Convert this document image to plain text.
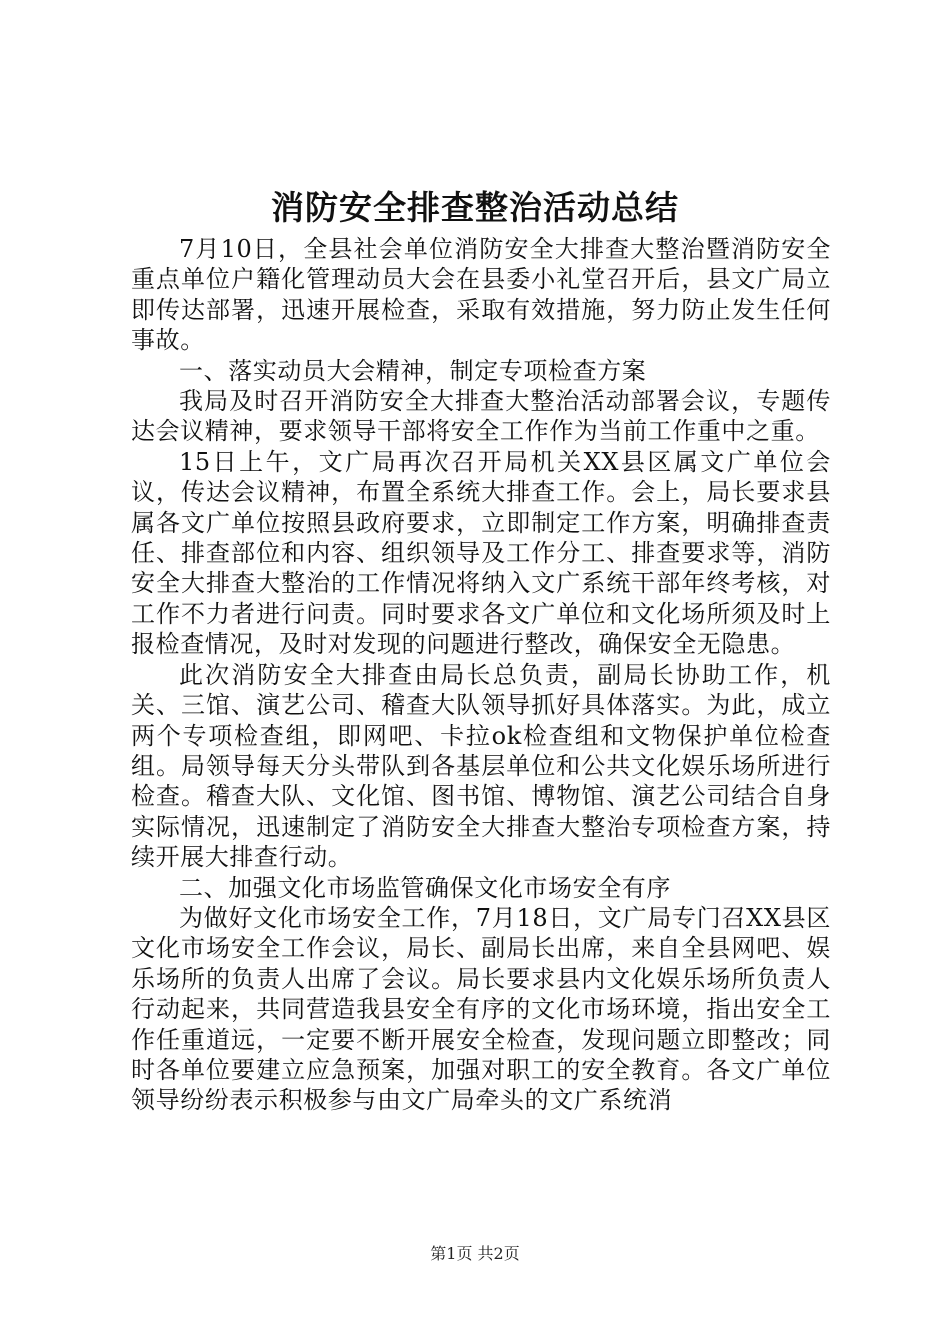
消防安全排查整治活动总结

7月10日，全县社会单位消防安全大排查大整治暨消防安全重点单位户籍化管理动员大会在县委小礼堂召开后，县文广局立即传达部署，迅速开展检查，采取有效措施，努力防止发生任何事故。

一、落实动员大会精神，制定专项检查方案

我局及时召开消防安全大排查大整治活动部署会议，专题传达会议精神，要求领导干部将安全工作作为当前工作重中之重。

15日上午，文广局再次召开局机关XX县区属文广单位会议，传达会议精神，布置全系统大排查工作。会上，局长要求县属各文广单位按照县政府要求，立即制定工作方案，明确排查责任、排查部位和内容、组织领导及工作分工、排查要求等，消防安全大排查大整治的工作情况将纳入文广系统干部年终考核，对工作不力者进行问责。同时要求各文广单位和文化场所须及时上报检查情况，及时对发现的问题进行整改，确保安全无隐患。

此次消防安全大排查由局长总负责，副局长协助工作，机关、三馆、演艺公司、稽查大队领导抓好具体落实。为此，成立两个专项检查组，即网吧、卡拉ok检查组和文物保护单位检查组。局领导每天分头带队到各基层单位和公共文化娱乐场所进行检查。稽查大队、文化馆、图书馆、博物馆、演艺公司结合自身实际情况，迅速制定了消防安全大排查大整治专项检查方案，持续开展大排查行动。

二、加强文化市场监管确保文化市场安全有序

为做好文化市场安全工作，7月18日，文广局专门召XX县区文化市场安全工作会议，局长、副局长出席，来自全县网吧、娱乐场所的负责人出席了会议。局长要求县内文化娱乐场所负责人行动起来，共同营造我县安全有序的文化市场环境，指出安全工作任重道远，一定要不断开展安全检查，发现问题立即整改；同时各单位要建立应急预案，加强对职工的安全教育。各文广单位领导纷纷表示积极参与由文广局牵头的文广系统消

第1页 共2页
